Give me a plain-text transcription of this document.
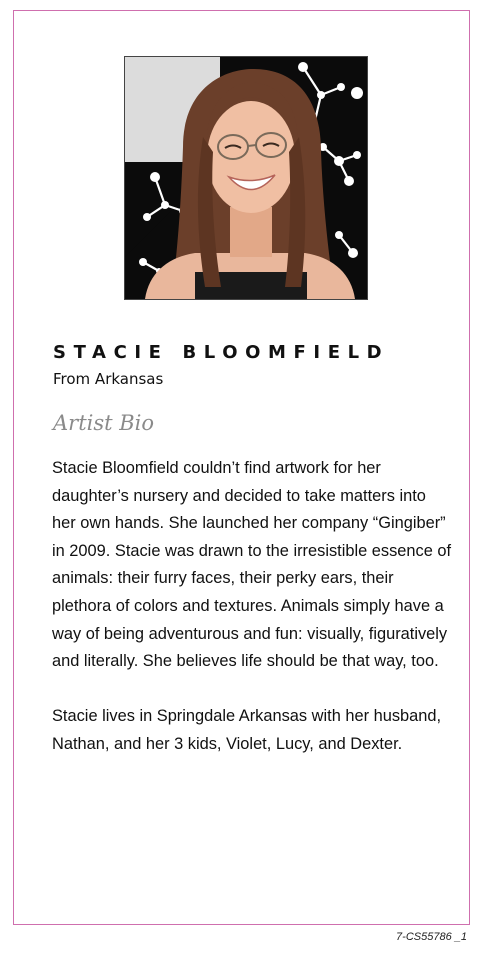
STACIE BLOOMFIELD

From Arkansas

Artist Bio

Stacie Bloomfield couldn’t find artwork for her daughter’s nursery and decided to take matters into her own hands. She launched her company “Gingiber” in 2009. Stacie was drawn to the irresistible essence of animals: their furry faces, their perky ears, their plethora of colors and textures. Animals simply have a way of being adventurous and fun: visually, figuratively and literally. She believes life should be that way, too.

Stacie lives in Springdale Arkansas with her husband, Nathan, and her 3 kids, Violet, Lucy, and Dexter.

7-CS55786 _1
